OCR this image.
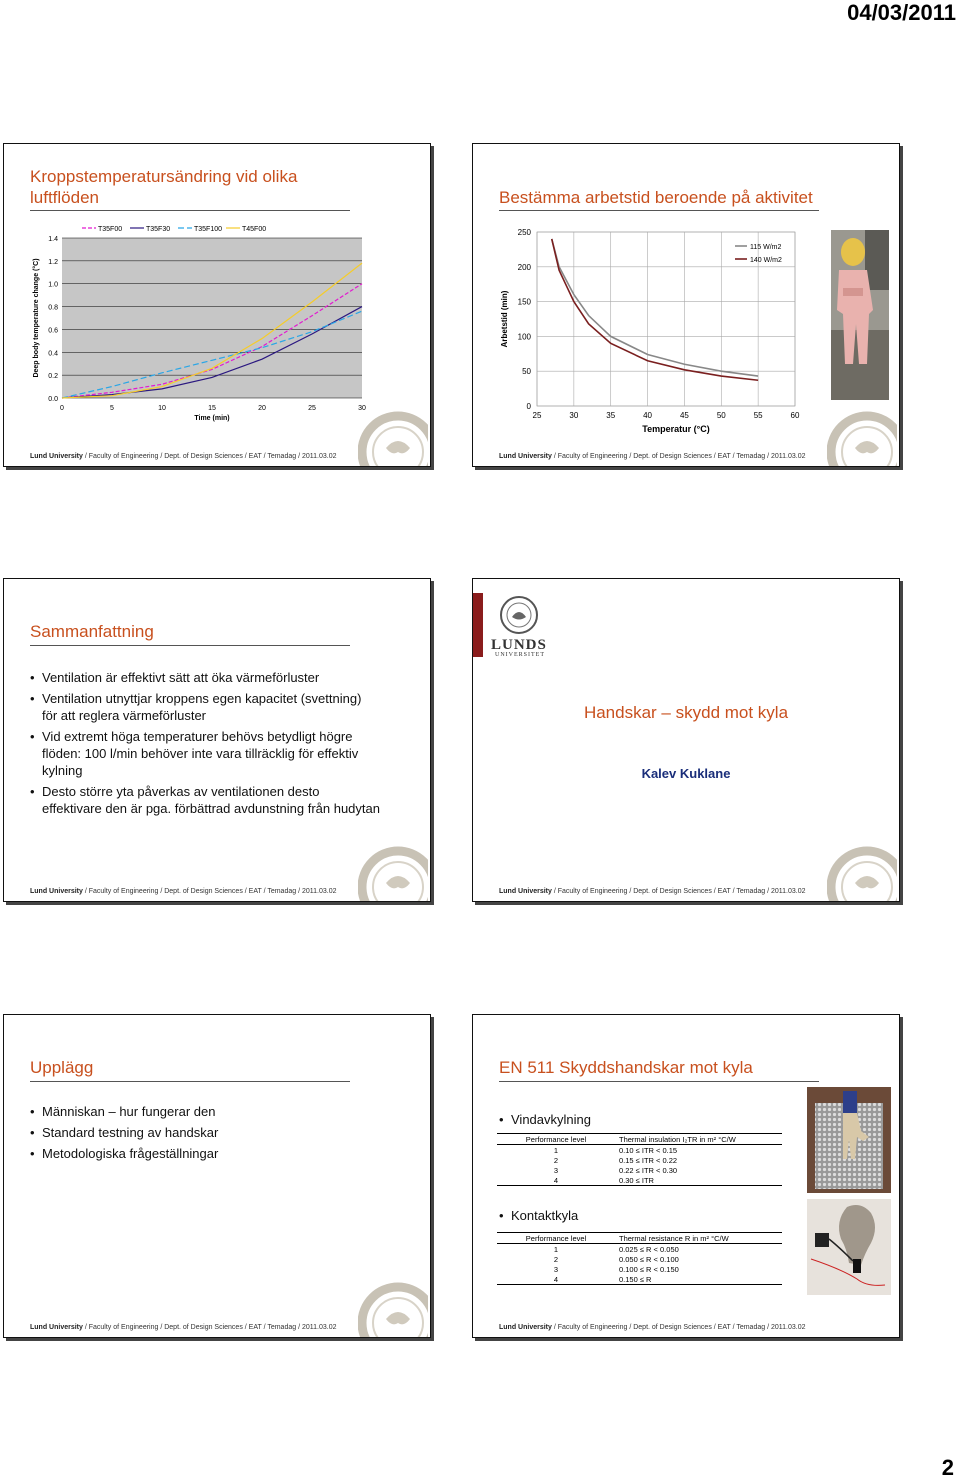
04/03/2011
Kroppstemperatursändring vid olika luftflöden
0.0
0.2
0.4
0.6
0.8
1.0
1.2
1.4
0	5	10	15	20	25	30
Time (min)
Deep body temperature change (°C)
T35F00	T35F30	T35F100	T45F00
Lund University / Faculty of Engineering / Dept. of Design Sciences / EAT / Temadag / 2011.03.02
Bestämma arbetstid beroende på aktivitet
25	30	35	40	45	50	55	60
0
50
100
150
200
250
Temperatur (°C)
Arbetstid (min)
115 W/m2
140 W/m2
Lund University / Faculty of Engineering / Dept. of Design Sciences / EAT / Temadag / 2011.03.02
Sammanfattning
• Ventilation är effektivt sätt att öka värmeförluster
• Ventilation utnyttjar kroppens egen kapacitet (svettning) för att reglera värmeförluster
• Vid extremt höga temperaturer behövs betydligt högre flöden: 100 l/min behöver inte vara tillräcklig för effektiv kylning
• Desto större yta påverkas av ventilationen desto effektivare den är pga. förbättrad avdunstning från hudytan
Lund University / Faculty of Engineering / Dept. of Design Sciences / EAT / Temadag / 2011.03.02
LUNDS
UNIVERSITET
Handskar – skydd mot kyla
Kalev Kuklane
Lund University / Faculty of Engineering / Dept. of Design Sciences / EAT / Temadag / 2011.03.02
Upplägg
• Människan – hur fungerar den
• Standard testning av handskar
• Metodologiska frågeställningar
Lund University / Faculty of Engineering / Dept. of Design Sciences / EAT / Temadag / 2011.03.02
EN 511 Skyddshandskar mot kyla
• Vindavkylning
Performance level	Thermal insulation I₂TR in m² °C/W
1	0.10 ≤ ITR < 0.15
2	0.15 ≤ ITR < 0.22
3	0.22 ≤ ITR < 0.30
4	0.30 ≤ ITR
• Kontaktkyla
Performance level	Thermal resistance R in m² °C/W
1	0.025 ≤ R < 0.050
2	0.050 ≤ R < 0.100
3	0.100 ≤ R < 0.150
4	0.150 ≤ R
Lund University / Faculty of Engineering / Dept. of Design Sciences / EAT / Temadag / 2011.03.02
2
